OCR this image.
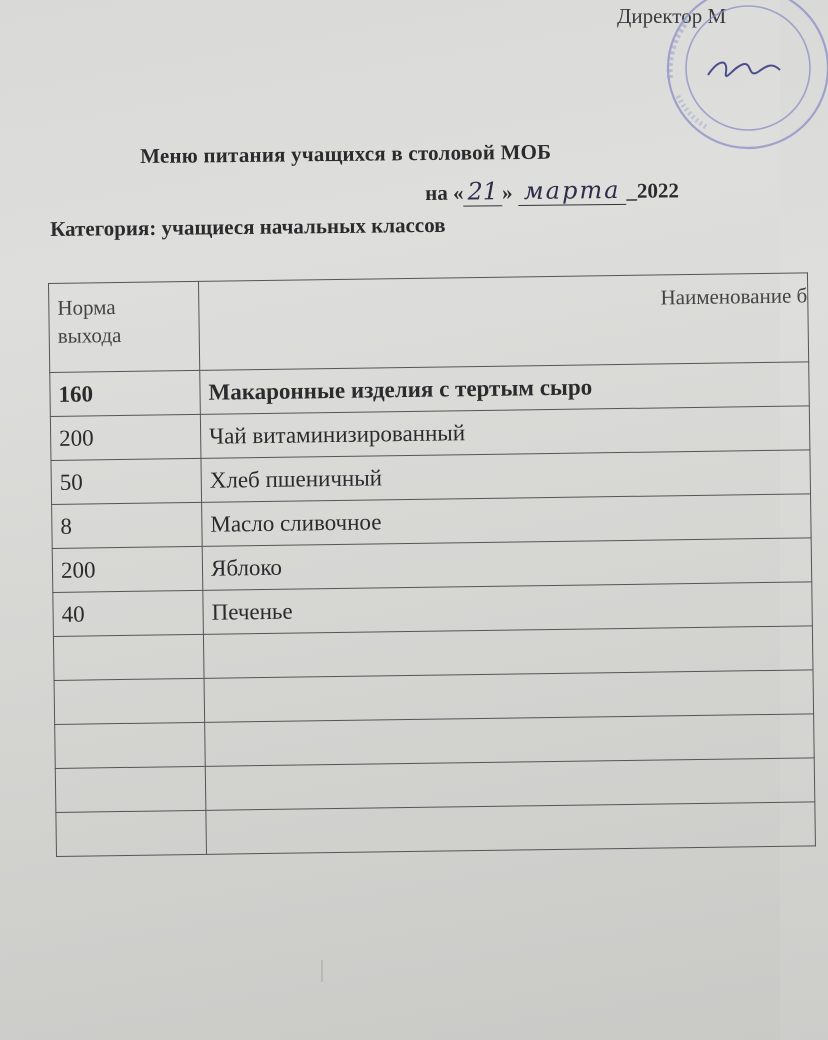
Директор М
Меню питания учащихся в столовой МОБ
на « 21 » марта _2022
Категория: учащиеся начальных классов
Норма выхода	Наименование б
160	Макаронные изделия с тертым сыро
200	Чай витаминизированный
50	Хлеб пшеничный
8	Масло сливочное
200	Яблоко
40	Печенье
